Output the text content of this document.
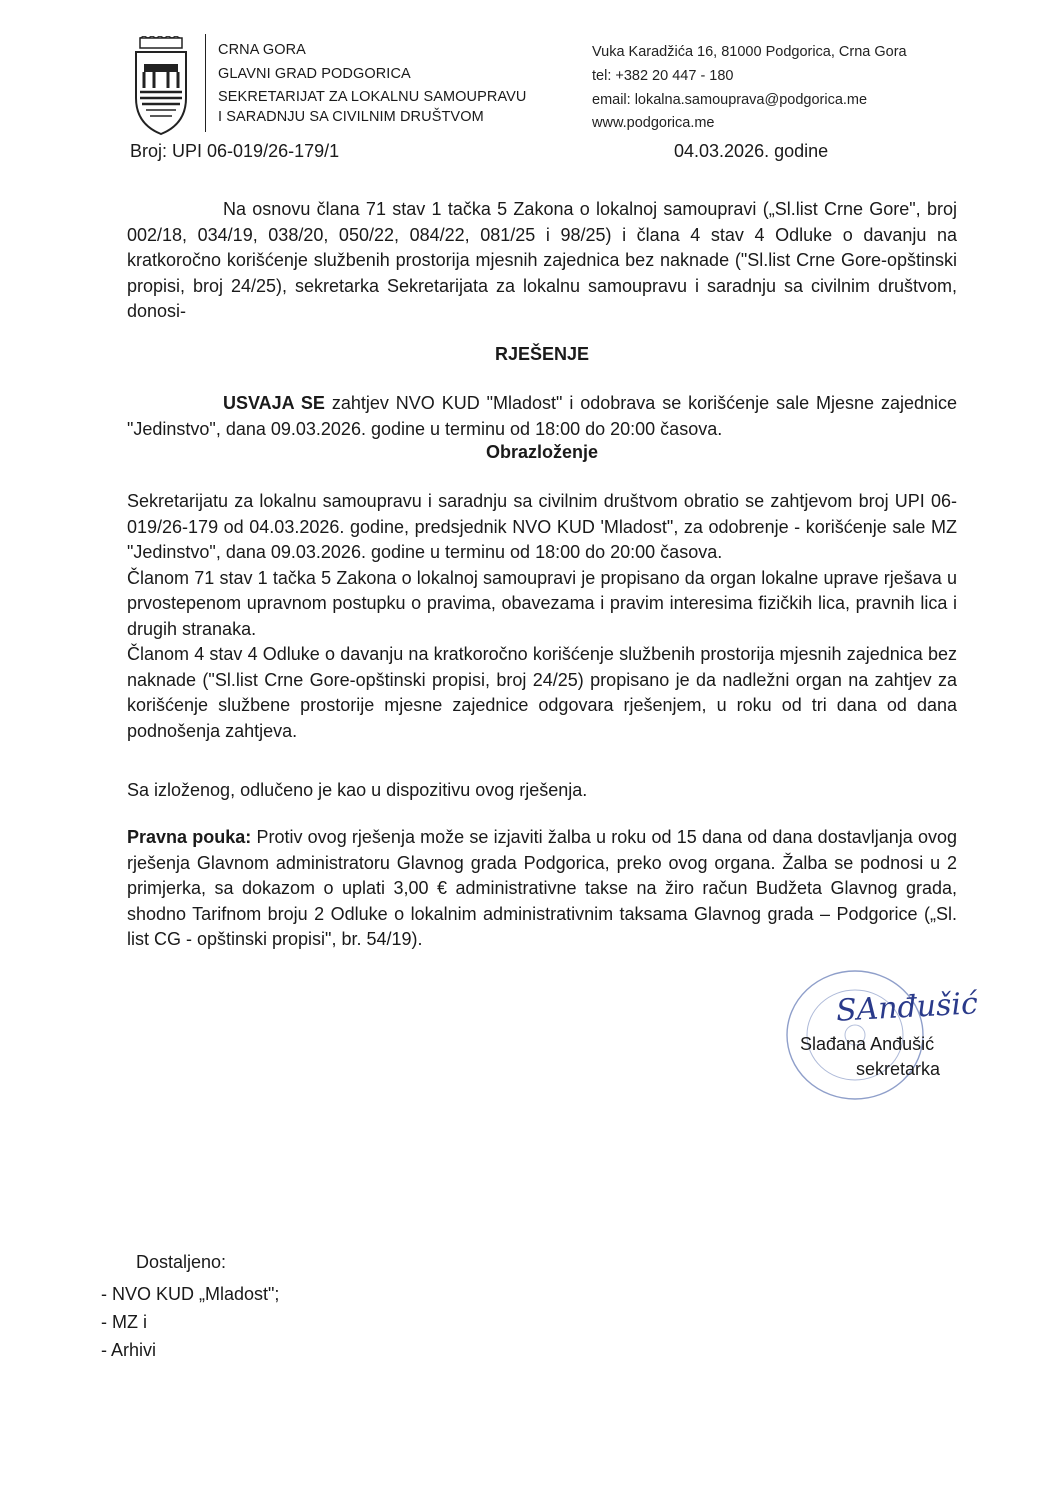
CRNA GORA
GLAVNI GRAD PODGORICA
SEKRETARIJAT ZA LOKALNU SAMOUPRAVU
I SARADNJU SA CIVILNIM DRUŠTVOM
Vuka Karadžića 16, 81000 Podgorica, Crna Gora
tel: +382 20 447 - 180
email: lokalna.samouprava@podgorica.me
www.podgorica.me
Broj: UPI 06-019/26-179/1	04.03.2026. godine
Na osnovu člana 71 stav 1 tačka 5 Zakona o lokalnoj samoupravi („Sl.list Crne Gore", broj 002/18, 034/19, 038/20, 050/22, 084/22, 081/25 i 98/25) i člana 4 stav 4 Odluke o davanju na kratkoročno korišćenje službenih prostorija mjesnih zajednica bez naknade ("Sl.list Crne Gore-opštinski propisi, broj 24/25), sekretarka Sekretarijata za lokalnu samoupravu i saradnju sa civilnim društvom, donosi-
RJEŠENJE
USVAJA SE zahtjev NVO KUD "Mladost" i odobrava se korišćenje sale Mjesne zajednice "Jedinstvo", dana 09.03.2026. godine u terminu od 18:00 do 20:00 časova.
Obrazloženje
Sekretarijatu za lokalnu samoupravu i saradnju sa civilnim društvom obratio se zahtjevom broj UPI 06-019/26-179 od 04.03.2026. godine, predsjednik NVO KUD 'Mladost", za odobrenje - korišćenje sale MZ "Jedinstvo", dana 09.03.2026. godine u terminu od 18:00 do 20:00 časova.
Članom 71 stav 1 tačka 5 Zakona o lokalnoj samoupravi je propisano da organ lokalne uprave rješava u prvostepenom upravnom postupku o pravima, obavezama i pravim interesima fizičkih lica, pravnih lica i drugih stranaka.
Članom 4 stav 4 Odluke o davanju na kratkoročno korišćenje službenih prostorija mjesnih zajednica bez naknade ("Sl.list Crne Gore-opštinski propisi, broj 24/25) propisano je da nadležni organ na zahtjev za korišćenje službene prostorije mjesne zajednice odgovara rješenjem, u roku od tri dana od dana podnošenja zahtjeva.
Sa izloženog, odlučeno je kao u dispozitivu ovog rješenja.
Pravna pouka: Protiv ovog rješenja može se izjaviti žalba u roku od 15 dana od dana dostavljanja ovog rješenja Glavnom administratoru Glavnog grada Podgorica, preko ovog organa. Žalba se podnosi u 2 primjerka, sa dokazom o uplati 3,00 € administrativne takse na žiro račun Budžeta Glavnog grada, shodno Tarifnom broju 2 Odluke o lokalnim administrativnim taksama Glavnog grada – Podgorice („Sl. list CG - opštinski propisi", br. 54/19).
SAnđušić
Slađana Anđušić
sekretarka
Dostaljeno:
- NVO KUD „Mladost";
- MZ i
- Arhivi
